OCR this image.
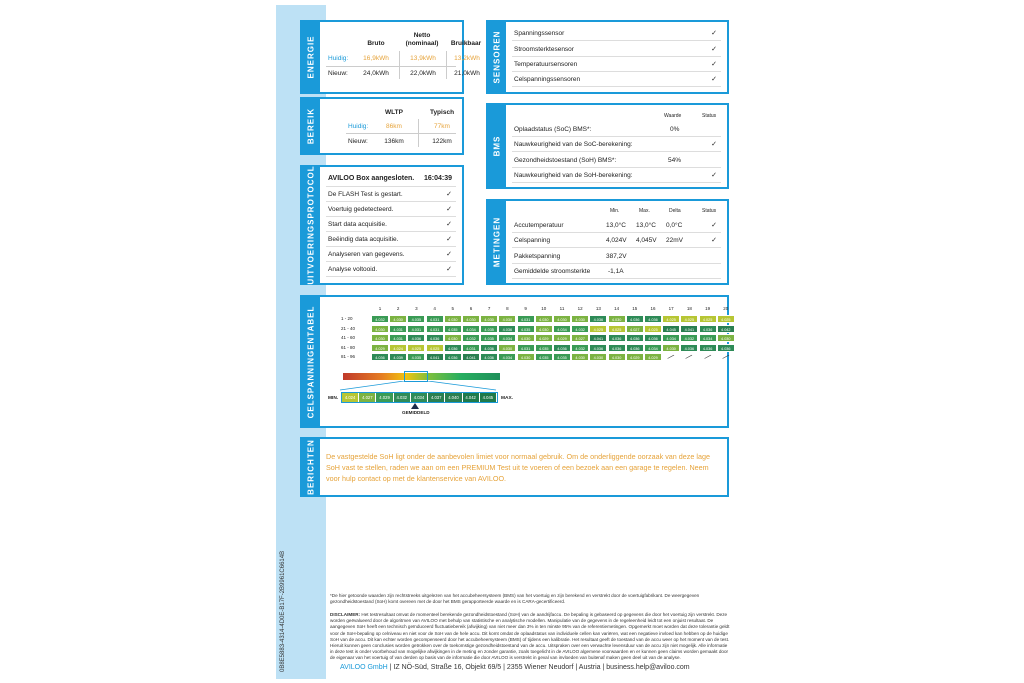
0B8E5883-4314-4D0E-B17F-2B9961C6614B
ENERGIE	Bruto
Netto
(nominaal)	Bruikbaar
Huidig:	16,9kWh	13,9kWh	13,2kWh
Nieuw:	24,0kWh	22,0kWh	21,0kWh
BEREIK	WLTP	Typisch
Huidig:	86km	77km
Nieuw:	136km	122km
UITVOERINGSPROTOCOL AVILOO Box aangesloten. 16:04:39
De FLASH Test is gestart.	✓
Voertuig gedetecteerd.	✓
Start data acquisitie.	✓
Beëindig data acquisitie.	✓
Analyseren van gegevens.	✓
Analyse voltooid.	✓
SENSOREN Spanningssensor	✓
Stroomsterktesensor	✓
Temperatuursensoren	✓
Celspanningssensoren	✓
BMS
Waarde	Status
Oplaadstatus (SoC) BMS*:	0%
Nauwkeurigheid van de SoC-berekening:	✓
Gezondheidstoestand (SoH) BMS*:	54%
Nauwkeurigheid van de SoH-berekening:	✓
METINGEN
Min.	Max.	Delta	Status
Accutemperatuur	13,0°C 13,0°C 0,0°C	✓
Celspanning	4,024V 4,045V 22mV	✓
Pakketspanning	387,2V
Gemiddelde stroomsterkte	-1,1A
CELSPANNINGENTABEL	1	2	3	4	5	6	7	8	9	10	11	12	13	14	15	16	17	18	19	20
1 - 20	4.032	4.030	4.035	4.031	4.030	4.030	4.030	4.030	4.031	4.030	4.030	4.030	4.036	4.030	4.036	4.036	4.025	4.025	4.025	4.025
21 - 40	4.030	4.031	4.031	4.031	4.035	4.034	4.035	4.036	4.035	4.030	4.034	4.032	4.025	4.025	4.027	4.025	4.045	4.041	4.036	4.042
41 - 60	4.030	4.031	4.036	4.036	4.030	4.032	4.035	4.034	4.030	4.029	4.029	4.027	4.041	4.036	4.036	4.036	4.034	4.032	4.034	4.030
61 - 80	4.029	4.024	4.025	4.025	4.036	4.031	4.036	4.030	4.031	4.035	4.036	4.032	4.036	4.036	4.036	4.034	4.030	4.036	4.036	4.036
81 - 96	4.036	4.039	4.035	4.041	4.036	4.041	4.036	4.034	4.030	4.035	4.035	4.030	4.030	4.030	4.029	4.029	⁄	⁄	⁄	⁄
MIN.	4.024	4.027	4.029	4.032	4.034	4.037	4.040	4.042	4.045	MAX.
GEMIDDELD
BERICHTEN De vastgestelde SoH ligt onder de aanbevolen limiet voor normaal gebruik. Om de onderliggende oorzaak van deze lage SoH vast te stellen, raden we aan om een PREMIUM Test uit te voeren of een bezoek aan een garage te regelen. Neem voor hulp contact op met de klantenservice van AVILOO.

*De hier getoonde waarden zijn rechtstreeks uitgelezen van het accubeheersysteem (BMS) van het voertuig en zijn berekend en verstrekt door de voertuigfabrikant. De weergegeven gezondheidstoestand (SoH) komt overeen met de door het BMS gerapporteerde waarde en is CARA-gecertificeerd.
DISCLAIMER: Het testresultaat omvat de momenteel berekende gezondheidstoestand (SoH) van de aandrijfaccu. De bepaling is gebaseerd op gegevens die door het voertuig zijn verstrekt. Deze worden geëvalueerd door de algoritmen van AVILOO met behulp van statistische en analytische modellen. Manipulatie van de gegevens in de regeleenheid leidt tot een onjuist resultaat. De aangegeven SoH heeft een technisch geïnduceerd fluctuatiebereik (afwijking) van niet meer dan 3% in ten minste 95% van de referentiemetingen. Opgemerkt moet worden dat deze tolerantie geldt voor de SoH-bepaling op celniveau en niet voor de SoH van de hele accu. Dit komt omdat de oplaadstatus van individuele cellen kan variëren, wat een negatieve invloed kan hebben op de huidige SoH van de accu. Dit kan echter worden gecompenseerd door het accubeheersysteem (BMS) of tijdens een kalibratie. Het resultaat geeft de toestand van de accu weer op het moment van de test. Hieruit kunnen geen conclusies worden getrokken over de toekomstige gezondheidstoestand van de accu. Uitspraken over een verwachte levensduur van de accu zijn niet mogelijk. Alle informatie in deze test is onder voorbehoud van mogelijke afwijkingen in de meting en zonder garantie, zoals toegelicht in de AVILOO algemene voorwaarden en er kunnen geen claims worden gemaakt door de eigenaar van het voertuig of van derden op basis van de informatie die door AVILOO is verstrekt in geval van invloeden van buitenaf maken geen deel uit van de analyse.
AVILOO GmbH | IZ NÖ-Süd, Straße 16, Objekt 69/5 | 2355 Wiener Neudorf | Austria | business.help@aviloo.com
